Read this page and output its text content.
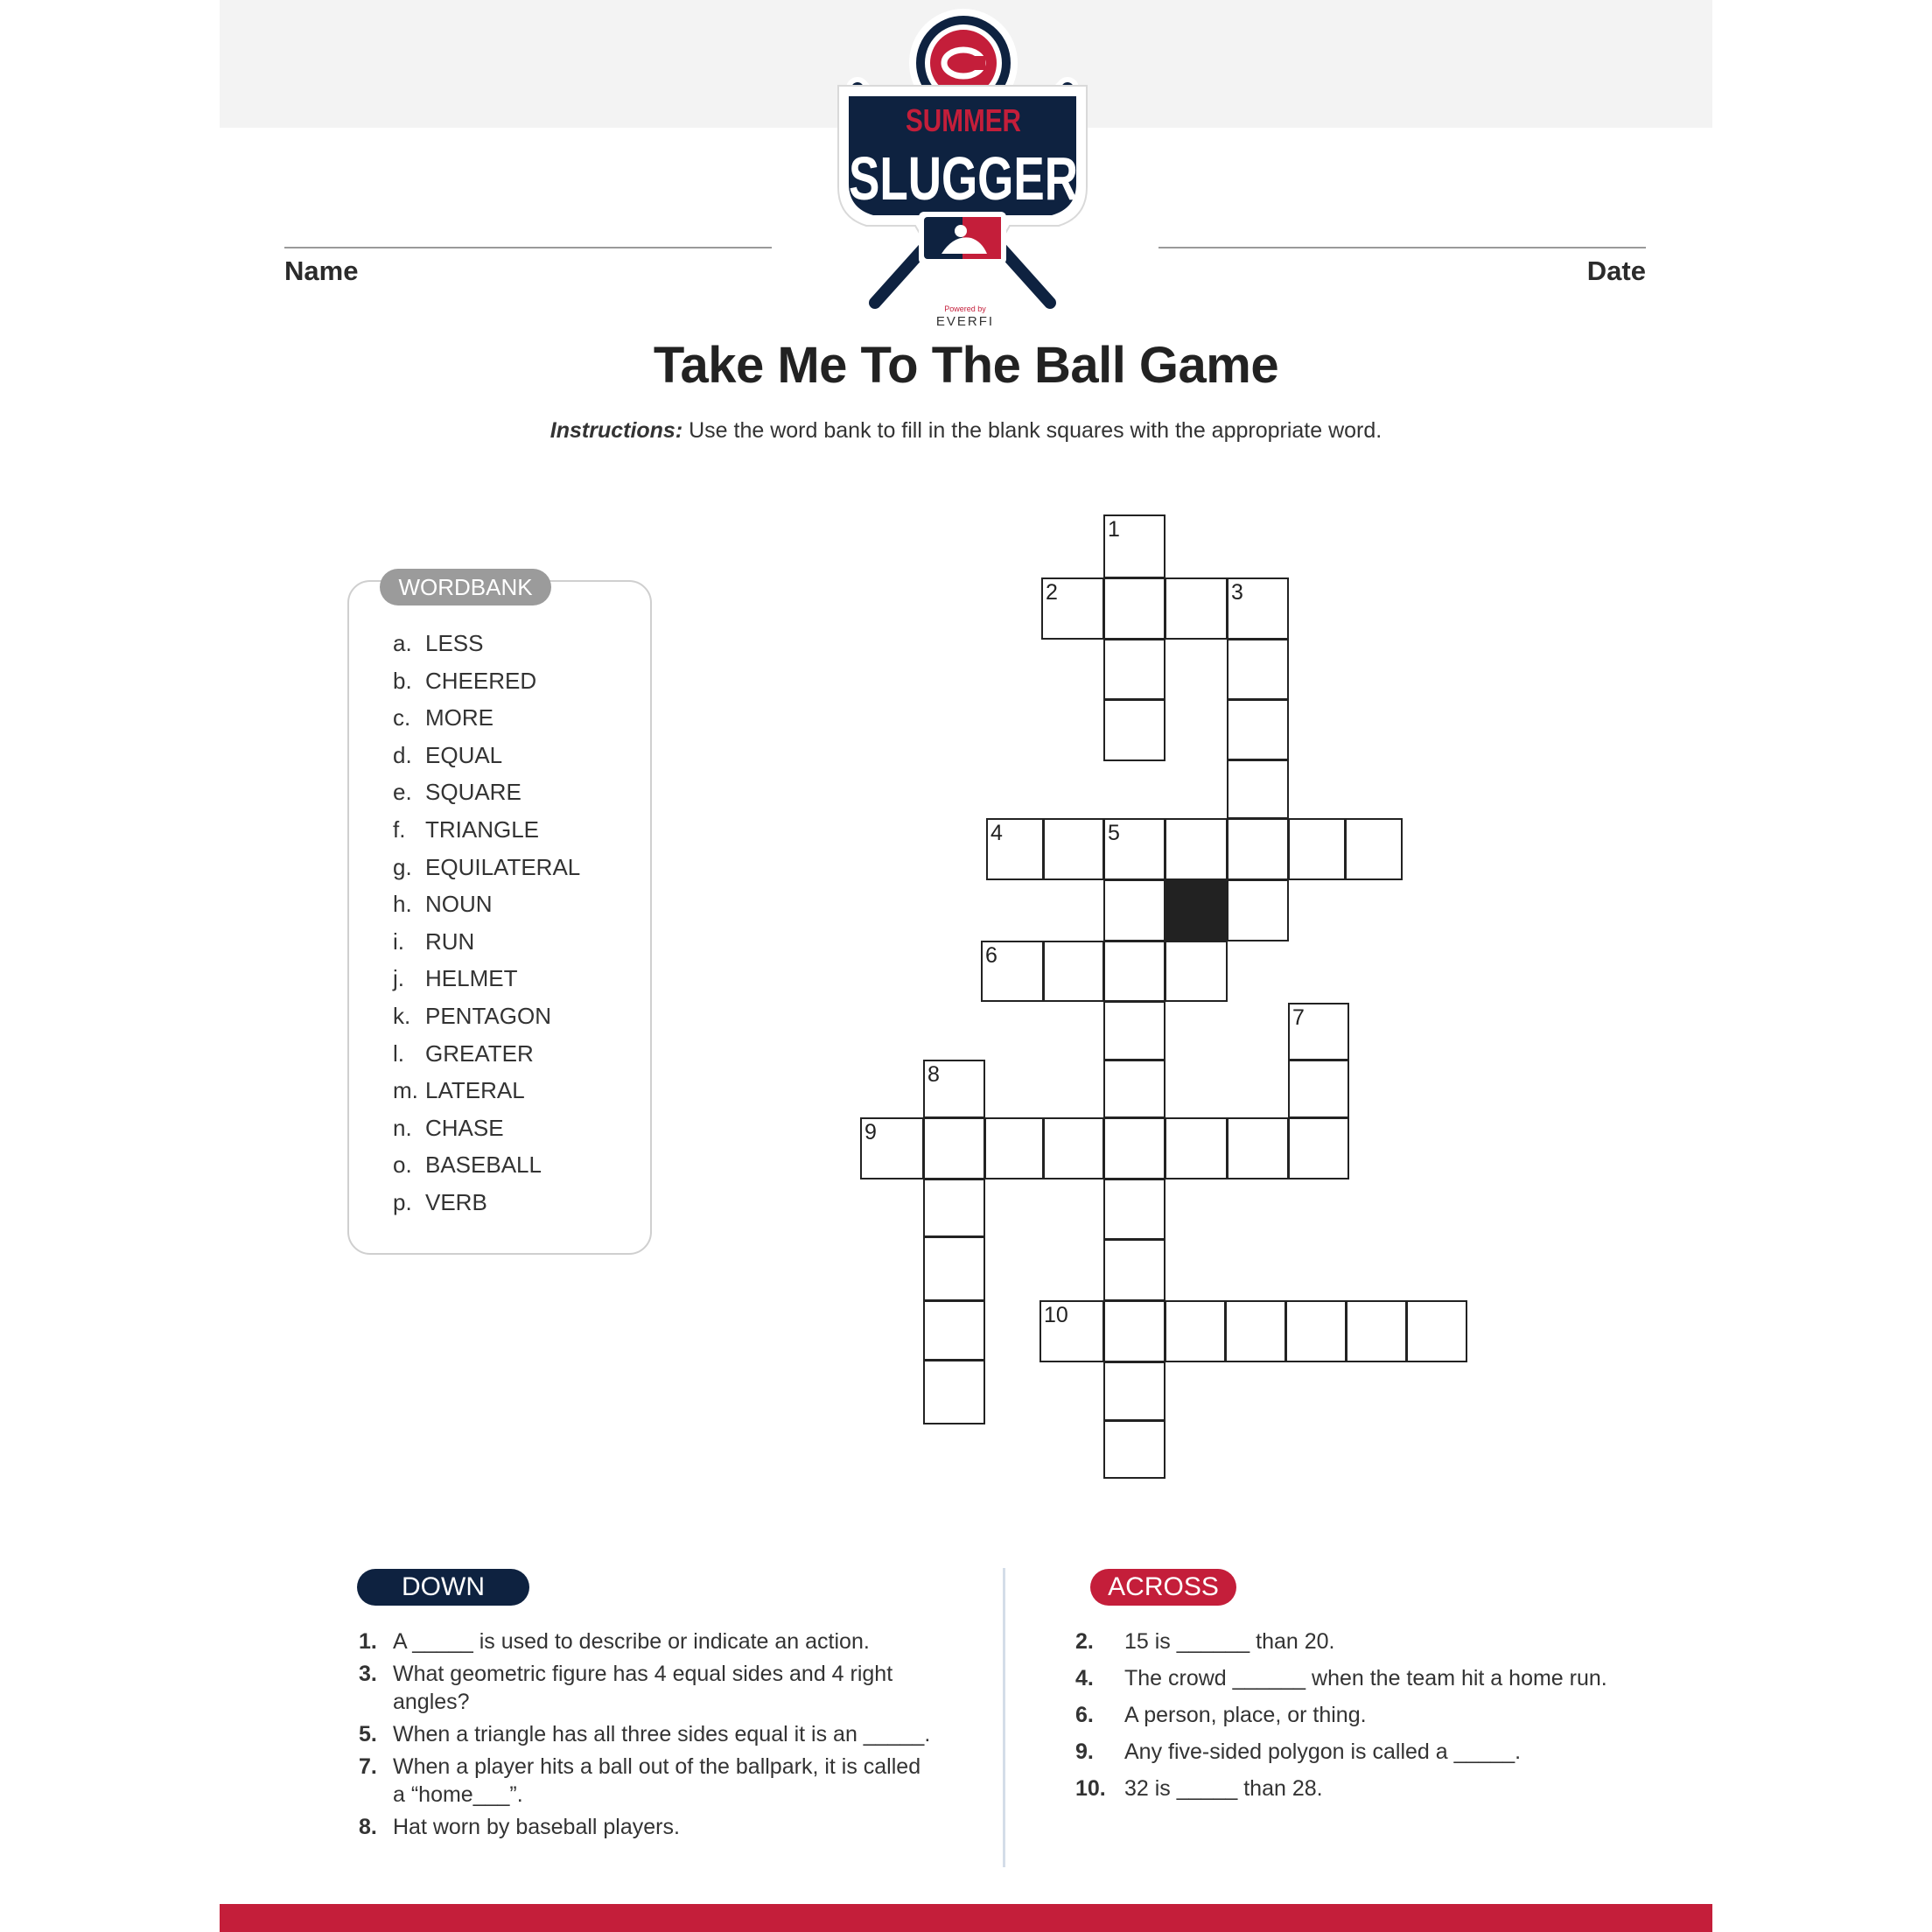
SUMMER
SLUGGER
Powered by
EVERFI
Name	Date
Take Me To The Ball Game
Instructions: Use the word bank to fill in the blank squares with the appropriate word.
WORDBANK
a. LESS
b. CHEERED
c. MORE
d. EQUAL
e. SQUARE
f. TRIANGLE
g. EQUILATERAL
h. NOUN
i. RUN
j. HELMET
k. PENTAGON
l. GREATER
m. LATERAL
n. CHASE
o. BASEBALL
p. VERB
1
2	3
4	5
6
7
8
9
10
DOWN
1. A _____ is used to describe or indicate an action.
3. What geometric figure has 4 equal sides and 4 right angles?
5. When a triangle has all three sides equal it is an _____.
7. When a player hits a ball out of the ballpark, it is called a “home___”.
8. Hat worn by baseball players.
ACROSS
2. 15 is ______ than 20.
4. The crowd ______ when the team hit a home run.
6. A person, place, or thing.
9. Any five-sided polygon is called a _____.
10. 32 is _____ than 28.
